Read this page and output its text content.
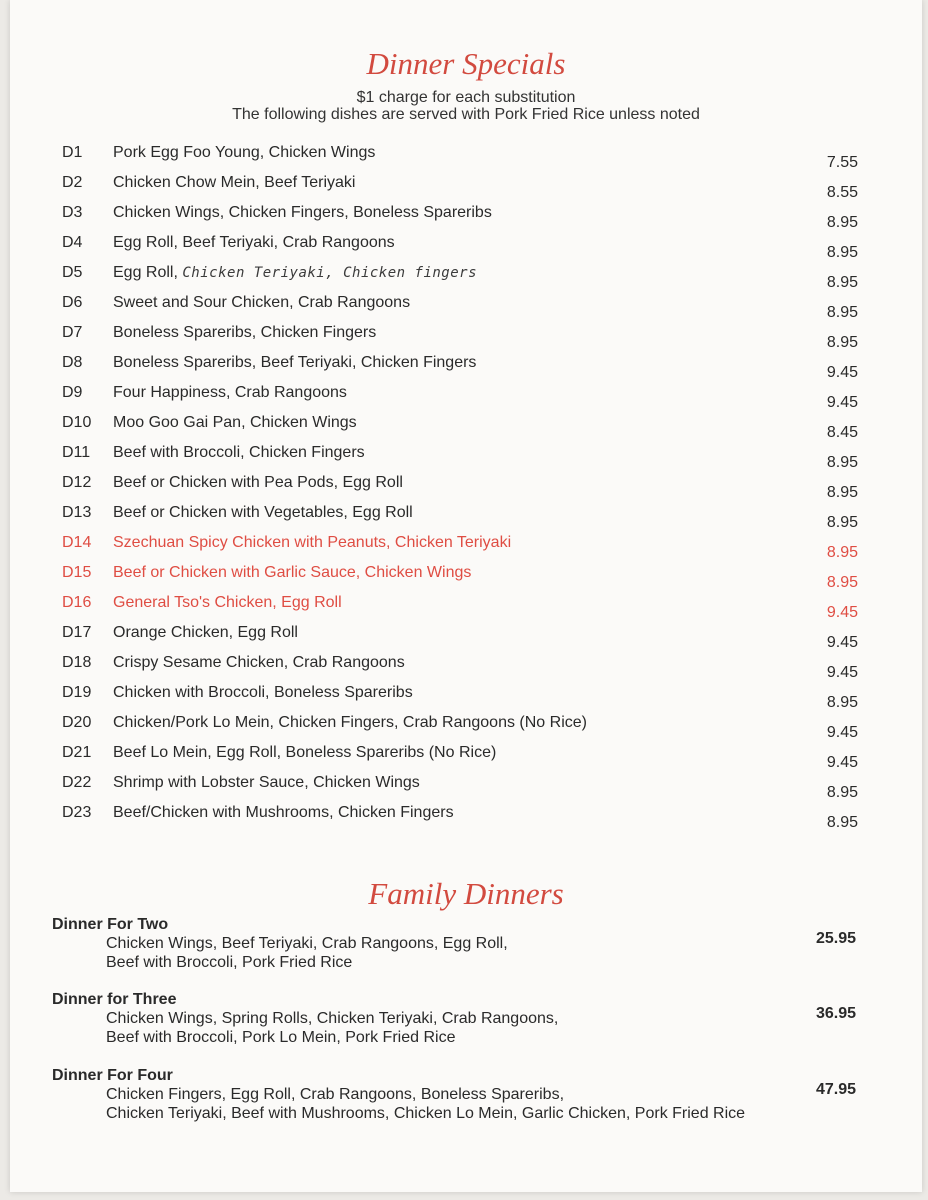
Dinner Specials
$1 charge for each substitution
The following dishes are served with Pork Fried Rice unless noted
D1 Pork Egg Foo Young, Chicken Wings
7.55
D2 Chicken Chow Mein, Beef Teriyaki
8.55
D3 Chicken Wings, Chicken Fingers, Boneless Spareribs
8.95
D4 Egg Roll, Beef Teriyaki, Crab Rangoons
8.95
D5 Egg Roll, Chicken Teriyaki, Chicken fingers
8.95
D6 Sweet and Sour Chicken, Crab Rangoons
8.95
D7 Boneless Spareribs, Chicken Fingers
8.95
D8 Boneless Spareribs, Beef Teriyaki, Chicken Fingers
9.45
D9 Four Happiness, Crab Rangoons
9.45
D10 Moo Goo Gai Pan, Chicken Wings
8.45
D11 Beef with Broccoli, Chicken Fingers
8.95
D12 Beef or Chicken with Pea Pods, Egg Roll
8.95
D13 Beef or Chicken with Vegetables, Egg Roll
8.95
D14 Szechuan Spicy Chicken with Peanuts, Chicken Teriyaki
8.95
D15 Beef or Chicken with Garlic Sauce, Chicken Wings
8.95
D16 General Tso's Chicken, Egg Roll
9.45
D17 Orange Chicken, Egg Roll
9.45
D18 Crispy Sesame Chicken, Crab Rangoons
9.45
D19 Chicken with Broccoli, Boneless Spareribs
8.95
D20 Chicken/Pork Lo Mein, Chicken Fingers, Crab Rangoons (No Rice)
9.45
D21 Beef Lo Mein, Egg Roll, Boneless Spareribs (No Rice)
9.45
D22 Shrimp with Lobster Sauce, Chicken Wings
8.95
D23 Beef/Chicken with Mushrooms, Chicken Fingers
8.95
Family Dinners
Dinner For Two
Chicken Wings, Beef Teriyaki, Crab Rangoons, Egg Roll,
Beef with Broccoli, Pork Fried Rice
25.95
Dinner for Three
Chicken Wings, Spring Rolls, Chicken Teriyaki, Crab Rangoons,
Beef with Broccoli, Pork Lo Mein, Pork Fried Rice
36.95
Dinner For Four
Chicken Fingers, Egg Roll, Crab Rangoons, Boneless Spareribs,
Chicken Teriyaki, Beef with Mushrooms, Chicken Lo Mein, Garlic Chicken, Pork Fried Rice
47.95
